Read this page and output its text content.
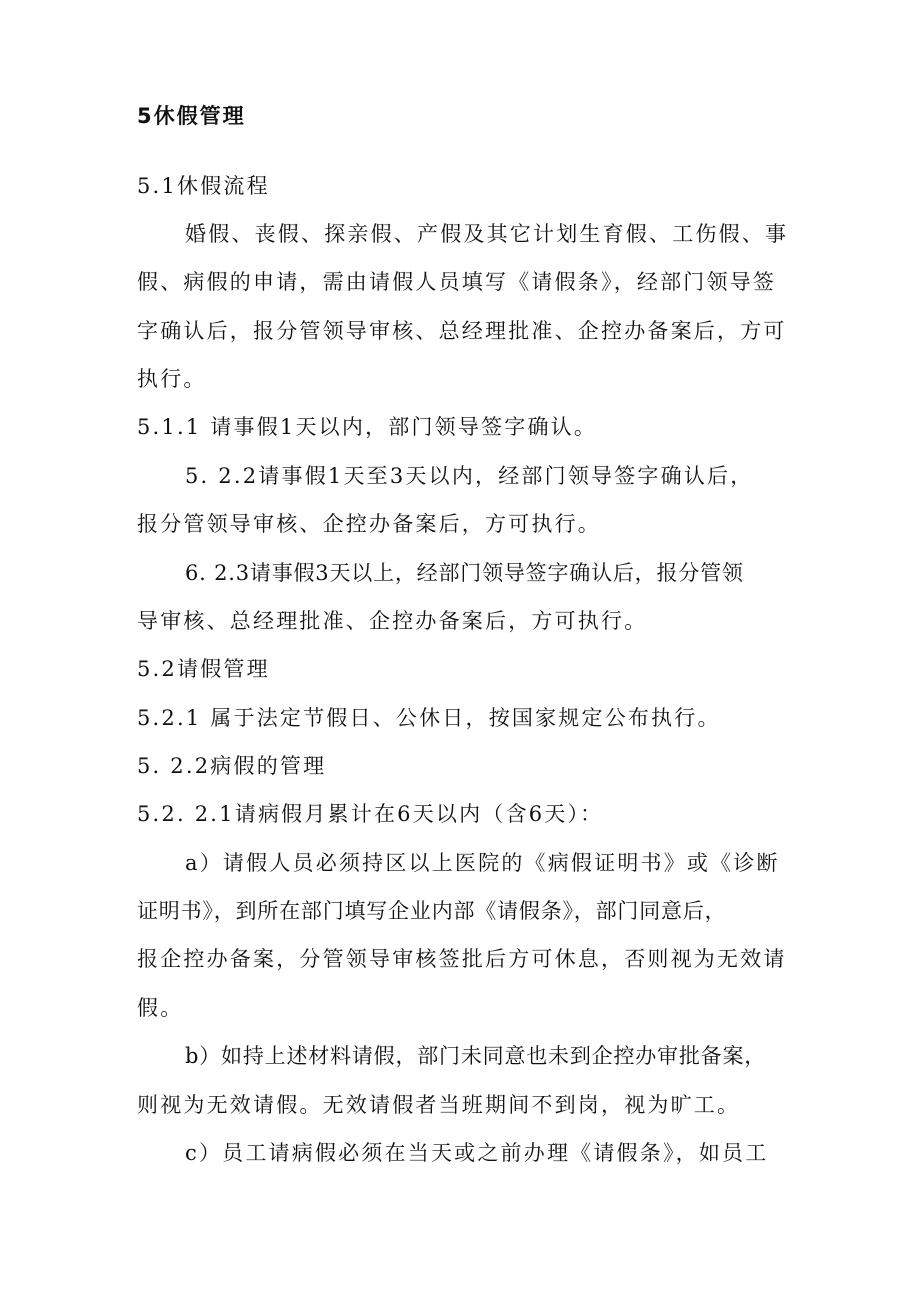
5休假管理
5.1休假流程
婚假、丧假、探亲假、产假及其它计划生育假、工伤假、事
假、病假的申请，需由请假人员填写《请假条》，经部门领导签
字确认后，报分管领导审核、总经理批准、企控办备案后，方可
执行。
5.1.1 请事假1天以内，部门领导签字确认。
5. 2.2请事假1天至3天以内，经部门领导签字确认后，
报分管领导审核、企控办备案后，方可执行。
6. 2.3请事假3天以上，经部门领导签字确认后，报分管领
导审核、总经理批准、企控办备案后，方可执行。
5.2请假管理
5.2.1 属于法定节假日、公休日，按国家规定公布执行。
5. 2.2病假的管理
5.2. 2.1请病假月累计在6天以内（含6天）：
a）请假人员必须持区以上医院的《病假证明书》或《诊断
证明书》，到所在部门填写企业内部《请假条》，部门同意后，
报企控办备案，分管领导审核签批后方可休息，否则视为无效请
假。
b）如持上述材料请假，部门未同意也未到企控办审批备案，
则视为无效请假。无效请假者当班期间不到岗，视为旷工。
c）员工请病假必须在当天或之前办理《请假条》，如员工
